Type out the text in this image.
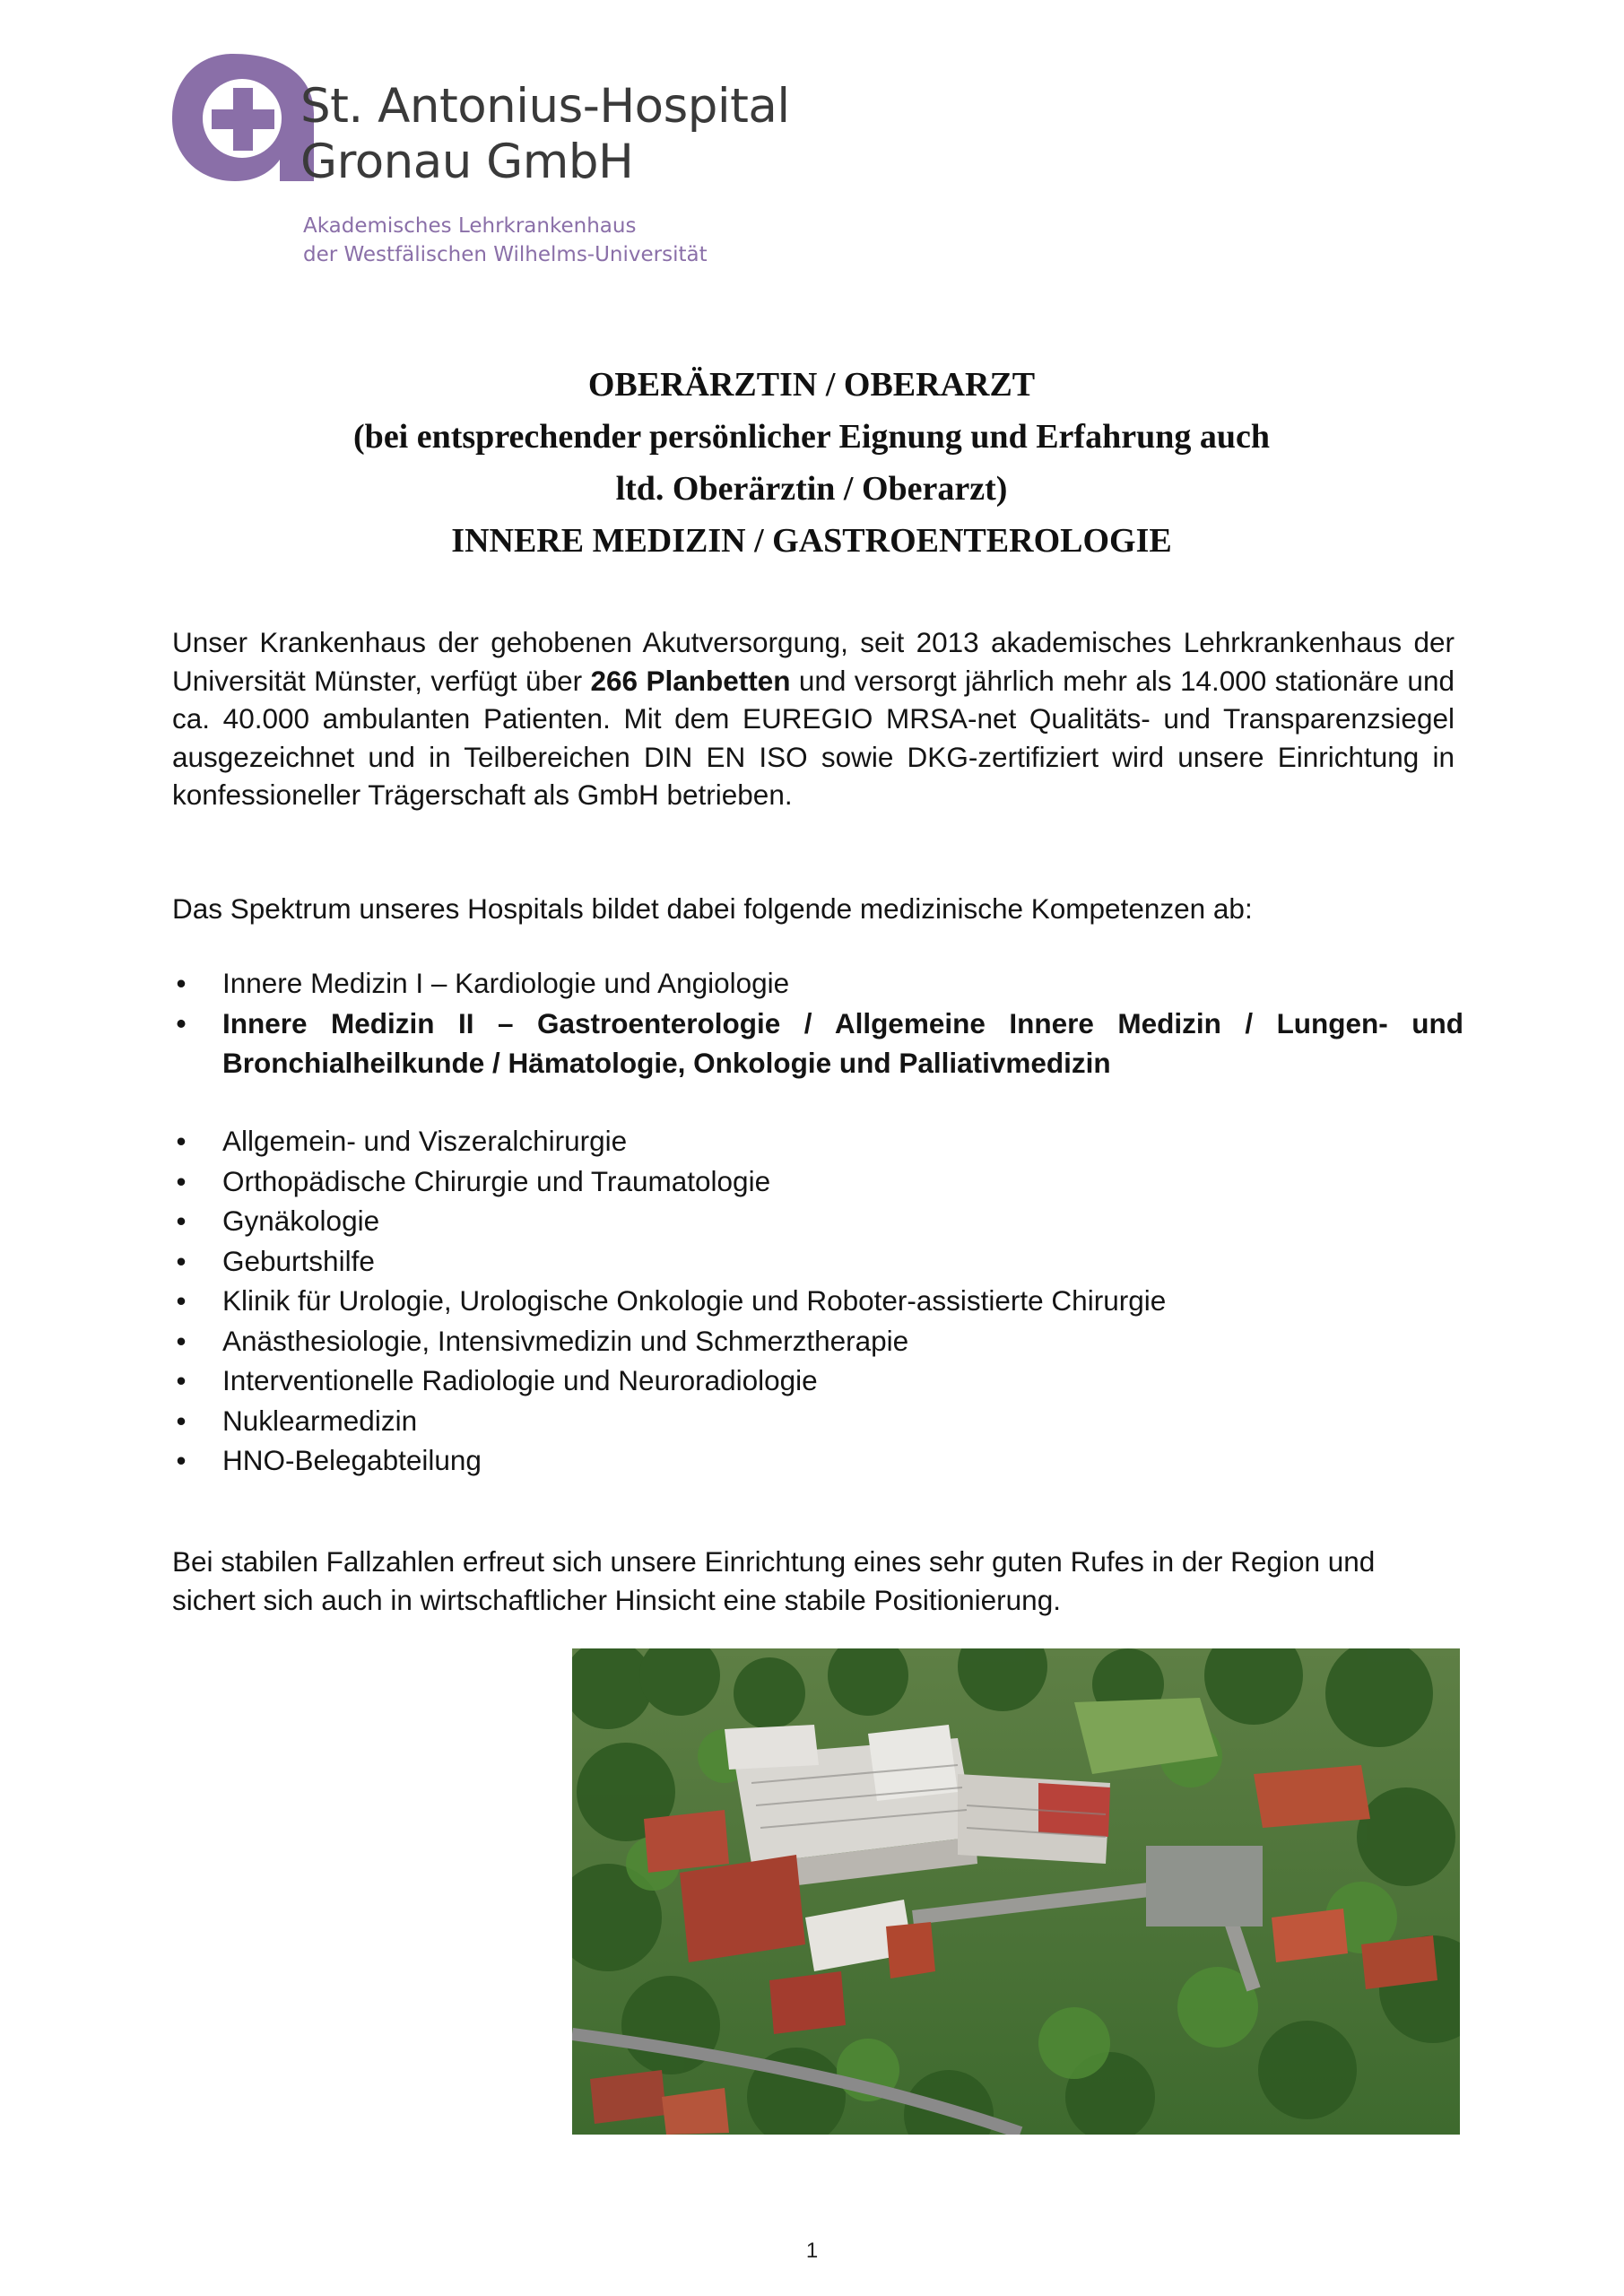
St. Antonius-Hospital
Gronau GmbH
Akademisches Lehrkrankenhaus
der Westfälischen Wilhelms-Universität
OBERÄRZTIN / OBERARZT
(bei entsprechender persönlicher Eignung und Erfahrung auch
ltd. Oberärztin / Oberarzt)
INNERE MEDIZIN / GASTROENTEROLOGIE
Unser Krankenhaus der gehobenen Akutversorgung, seit 2013 akademisches Lehrkrankenhaus der Universität Münster, verfügt über 266 Planbetten und versorgt jährlich mehr als 14.000 stationäre und ca. 40.000 ambulanten Patienten. Mit dem EUREGIO MRSA-net Qualitäts- und Transparenzsiegel ausgezeichnet und in Teilbereichen DIN EN ISO sowie DKG-zertifiziert wird unsere Einrichtung in konfessioneller Trägerschaft als GmbH betrieben.
Das Spektrum unseres Hospitals bildet dabei folgende medizinische Kompetenzen ab:
• Innere Medizin I – Kardiologie und Angiologie
• Innere Medizin II – Gastroenterologie / Allgemeine Innere Medizin / Lungen- und Bronchialheilkunde / Hämatologie, Onkologie und Palliativmedizin
• Allgemein- und Viszeralchirurgie
• Orthopädische Chirurgie und Traumatologie
• Gynäkologie
• Geburtshilfe
• Klinik für Urologie, Urologische Onkologie und Roboter-assistierte Chirurgie
• Anästhesiologie, Intensivmedizin und Schmerztherapie
• Interventionelle Radiologie und Neuroradiologie
• Nuklearmedizin
• HNO-Belegabteilung
Bei stabilen Fallzahlen erfreut sich unsere Einrichtung eines sehr guten Rufes in der Region und sichert sich auch in wirtschaftlicher Hinsicht eine stabile Positionierung.
1
